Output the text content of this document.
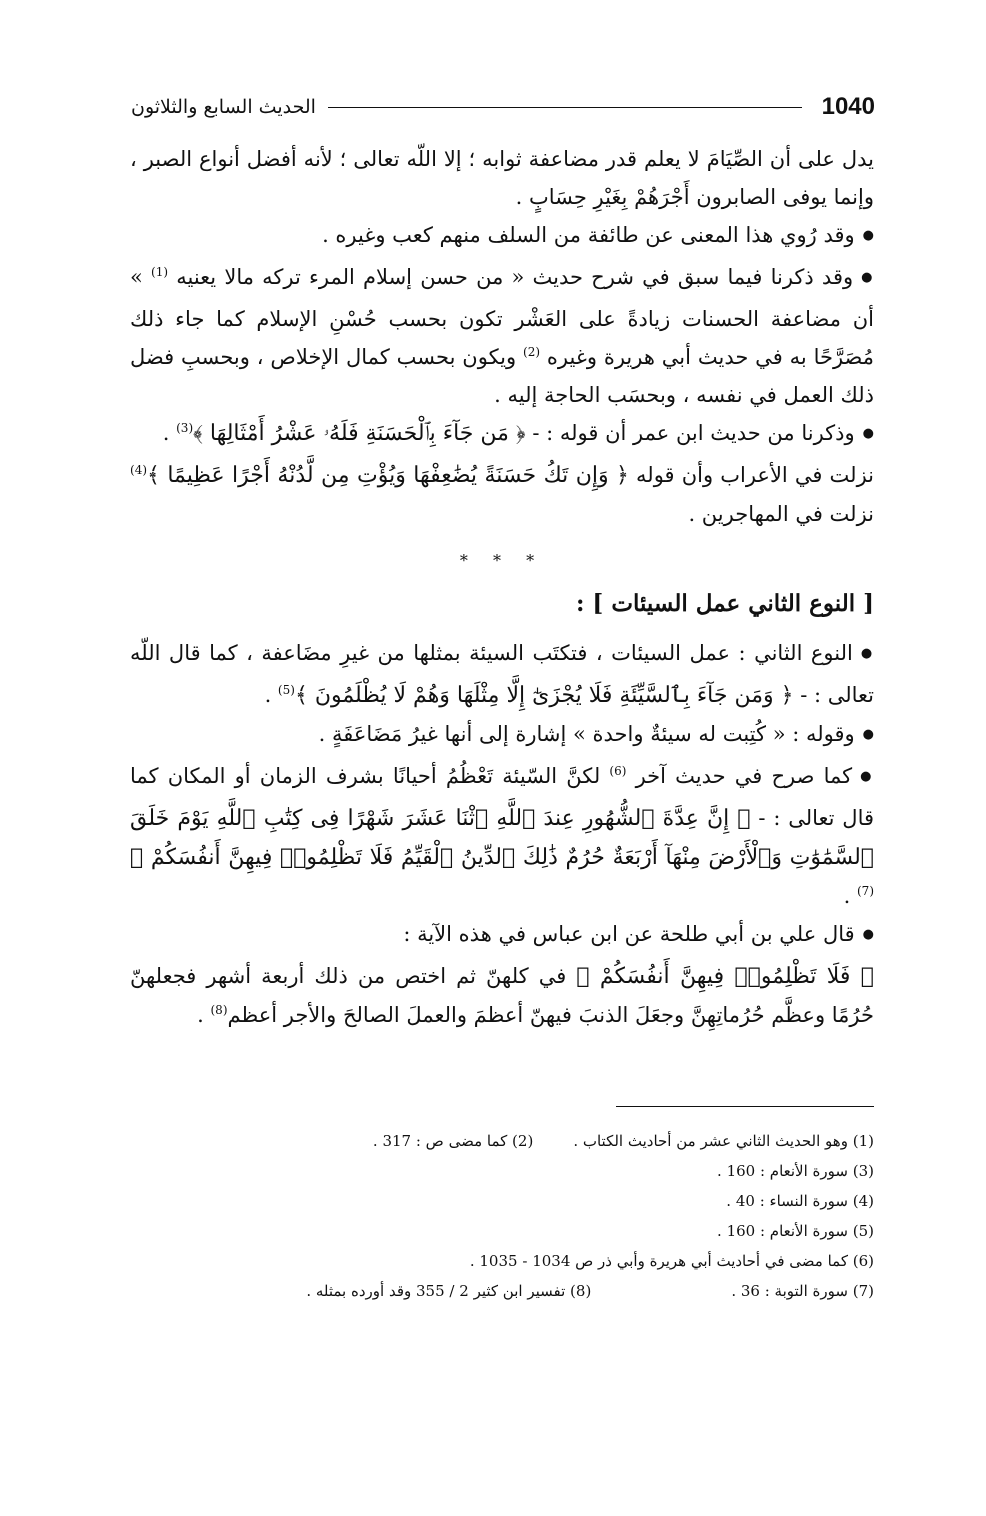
الحديث السابع والثلاثون	1040

يدل على أن الصِّيَامَ لا يعلم قدر مضاعفة ثوابه ؛ إلا اللّه تعالى ؛ لأنه أفضل أنواع الصبر ، وإنما يوفى الصابرون أَجْرَهُمْ بِغَيْرِ حِسَابٍ .

● وقد رُوي هذا المعنى عن طائفة من السلف منهم كعب وغيره .

● وقد ذكرنا فيما سبق في شرح حديث « من حسن إسلام المرء تركه مالا يعنيه $^{(1)}$ » أن مضاعفة الحسنات زيادةً على العَشْر تكون بحسب حُسْنِ الإسلام كما جاء ذلك مُصَرَّحًا به في حديث أبي هريرة وغيره $^{(2)}$ ويكون بحسب كمال الإخلاص ، وبحسبِ فضل ذلك العمل في نفسه ، وبحسَب الحاجة إليه .

● وذكرنا من حديث ابن عمر أن قوله : - ﴿ مَن جَآءَ بِٱلْحَسَنَةِ فَلَهُۥ عَشْرُ أَمْثَالِهَا ﴾$^{(3)}$ .

نزلت في الأعراب وأن قوله ﴿ وَإِن تَكُ حَسَنَةً يُضَٰعِفْهَا وَيُؤْتِ مِن لَّدُنْهُ أَجْرًا عَظِيمًا ﴾$^{(4)}$ نزلت في المهاجرين .

* * *

[ النوع الثاني عمل السيئات ] :

● النوع الثاني : عمل السيئات ، فتكتَب السيئة بمثلها من غيرِ مضَاعفة ، كما قال اللّه تعالى : - ﴿ وَمَن جَآءَ بِٱلسَّيِّئَةِ فَلَا يُجْزَىٰٓ إِلَّا مِثْلَهَا وَهُمْ لَا يُظْلَمُونَ ﴾$^{(5)}$ .

● وقوله : « كُتِبت له سيئةٌ واحدة » إشارة إلى أنها غيرُ مَضَاعَفَةٍ .

● كما صرح في حديث آخر $^{(6)}$ لكنَّ السّيئة تَعْظُمُ أحيانًا بشرف الزمان أو المكان كما قال تعالى : - ﴿ إِنَّ عِدَّةَ ٱلشُّهُورِ عِندَ ٱللَّهِ ٱثْنَا عَشَرَ شَهْرًا فِى كِتَٰبِ ٱللَّهِ يَوْمَ خَلَقَ ٱلسَّمَٰوَٰتِ وَٱلْأَرْضَ مِنْهَآ أَرْبَعَةٌ حُرُمٌ ذَٰلِكَ ٱلدِّينُ ٱلْقَيِّمُ فَلَا تَظْلِمُوا۟ فِيهِنَّ أَنفُسَكُمْ ﴾$^{(7)}$ .

● قال علي بن أبي طلحة عن ابن عباس في هذه الآية :

﴿ فَلَا تَظْلِمُوا۟ فِيهِنَّ أَنفُسَكُمْ ﴾ في كلهنّ ثم اختص من ذلك أربعة أشهر فجعلهنّ حُرُمًا وعظَّم حُرُماتِهِنَّ وجعَلَ الذنبَ فيهنّ أعظمَ والعملَ الصالحَ والأجر أعظم$^{(8)}$ .

(1) وهو الحديث الثاني عشر من أحاديث الكتاب .(2) كما مضى ص : 317 .

(3) سورة الأنعام : 160 .

(4) سورة النساء : 40 .

(5) سورة الأنعام : 160 .

(6) كما مضى في أحاديث أبي هريرة وأبي ذر ص 1034 - 1035 .

(7) سورة التوبة : 36 .(8) تفسير ابن كثير 2 / 355 وقد أورده بمثله .
